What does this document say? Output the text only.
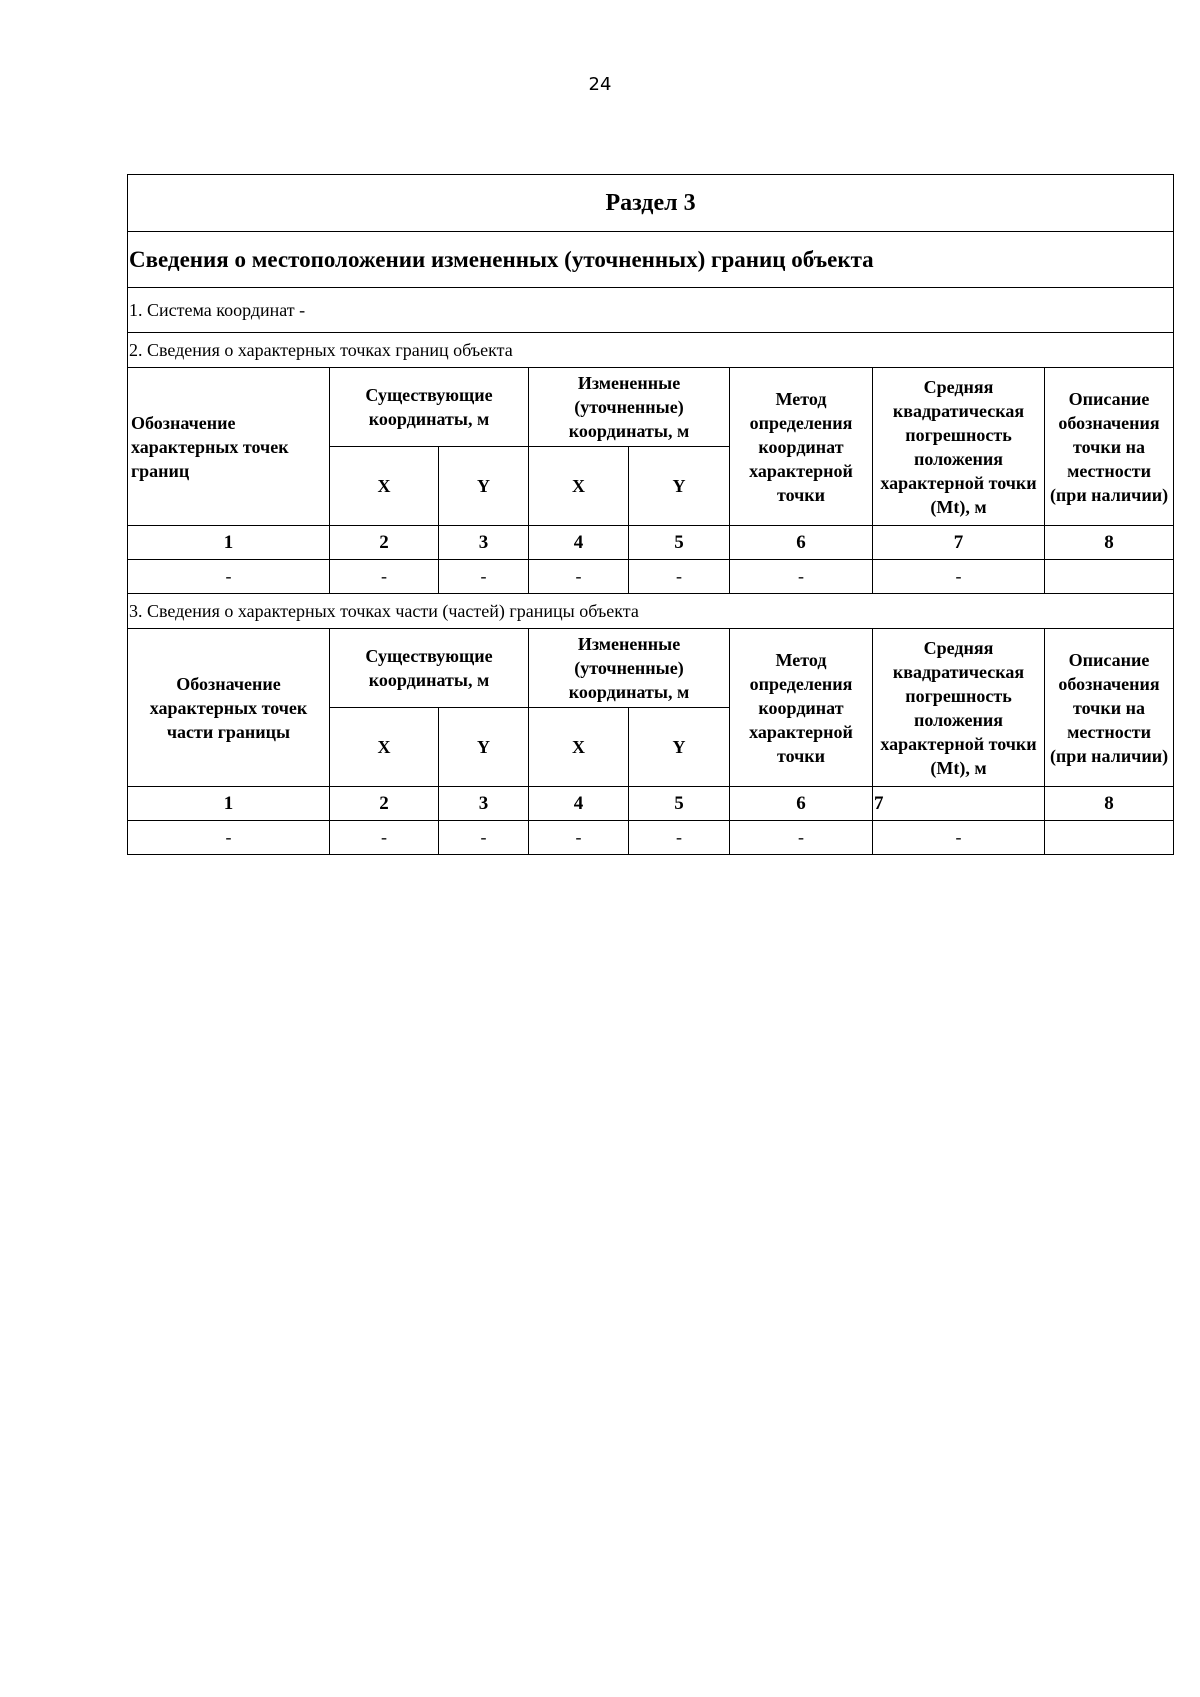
24
Раздел 3							
Сведения о местоположении измененных (уточненных) границ объекта							
1. Система координат -							
2. Сведения о характерных точках границ объекта							
Обозначение характерных точек границ	Существующие координаты, м		Измененные (уточненные) координаты, м		Метод определения координат характерной точки	Средняя квадратическая погрешность положения характерной точки (Mt), м	Описание обозначения точки на местности (при наличии)
	X	Y	X	Y			
1	2	3	4	5	6	7	8
-	-	-	-	-	-	-	
3. Сведения о характерных точках части (частей) границы объекта							
Обозначение характерных точек части границы	Существующие координаты, м		Измененные (уточненные) координаты, м		Метод определения координат характерной точки	Средняя квадратическая погрешность положения характерной точки (Mt), м	Описание обозначения точки на местности (при наличии)
	X	Y	X	Y			
1	2	3	4	5	6	7	8
-	-	-	-	-	-	-	
